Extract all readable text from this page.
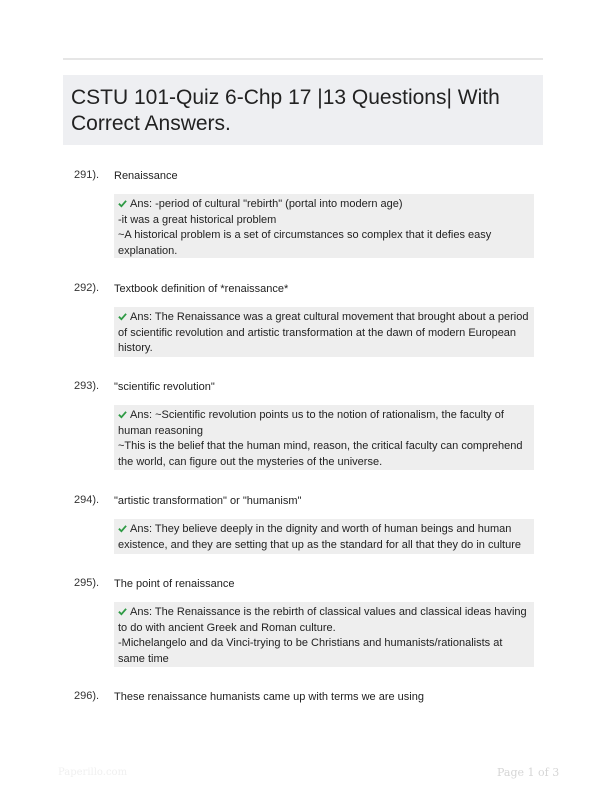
CSTU 101-Quiz 6-Chp 17 |13 Questions| With Correct Answers.
291). Renaissance
Ans: -period of cultural "rebirth" (portal into modern age)
-it was a great historical problem
~A historical problem is a set of circumstances so complex that it defies easy explanation.
292). Textbook definition of *renaissance*
Ans: The Renaissance was a great cultural movement that brought about a period of scientific revolution and artistic transformation at the dawn of modern European history.
293). "scientific revolution"
Ans: ~Scientific revolution points us to the notion of rationalism, the faculty of human reasoning
~This is the belief that the human mind, reason, the critical faculty can comprehend the world, can figure out the mysteries of the universe.
294). "artistic transformation" or "humanism"
Ans: They believe deeply in the dignity and worth of human beings and human existence, and they are setting that up as the standard for all that they do in culture
295). The point of renaissance
Ans: The Renaissance is the rebirth of classical values and classical ideas having to do with ancient Greek and Roman culture.
-Michelangelo and da Vinci-trying to be Christians and humanists/rationalists at same time
296). These renaissance humanists came up with terms we are using
Paperillo.com	Page 1 of 3
